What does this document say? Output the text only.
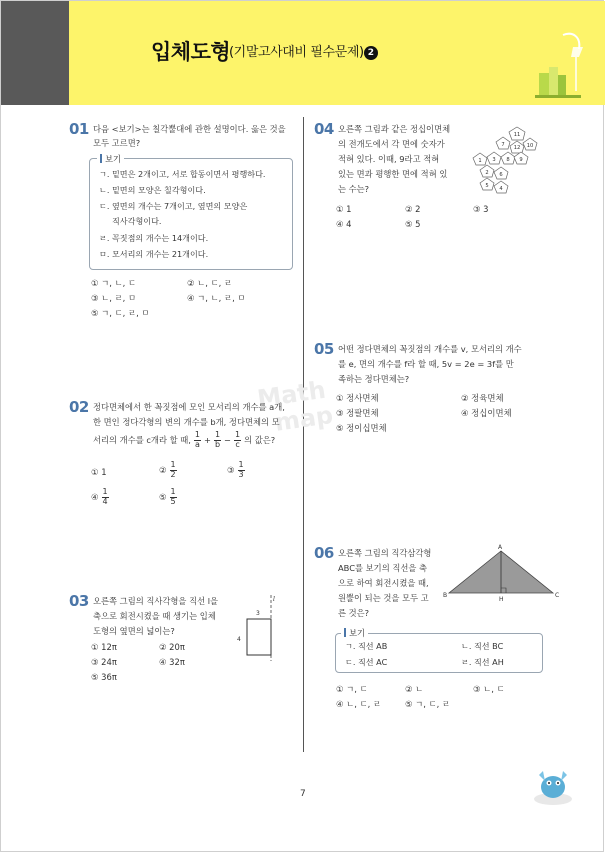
입체도형
(기말고사대비 필수문제) 2
Math
map
01 다음 <보기>는 칠각뿔대에 관한 설명이다. 옳은 것을
모두 고르면?
보기
ㄱ. 밑면은 2개이고, 서로 합동이면서 평행하다.
ㄴ. 밑면의 모양은 칠각형이다.
ㄷ. 옆면의 개수는 7개이고, 옆면의 모양은
직사각형이다.
ㄹ. 꼭짓점의 개수는 14개이다.
ㅁ. 모서리의 개수는 21개이다.
① ㄱ, ㄴ, ㄷ	② ㄴ, ㄷ, ㄹ
③ ㄴ, ㄹ, ㅁ	④ ㄱ, ㄴ, ㄹ, ㅁ
⑤ ㄱ, ㄷ, ㄹ, ㅁ
02 정다면체에서 한 꼭짓점에 모인 모서리의 개수를 a개,
한 면인 정다각형의 변의 개수를 b개, 정다면체의 모
서리의 개수를 c개라 할 때, $\frac{1}{a} + \frac{1}{b} - \frac{1}{c}$ 의 값은?
① 1	② $\frac{1}{2}$	③ $\frac{1}{3}$
④ $\frac{1}{4}$	⑤ $\frac{1}{5}$
03 오른쪽 그림의 직사각형을 직선 l을
축으로 회전시켰을 때 생기는 입체
도형의 옆면의 넓이는?
3
4
l
① 12π	② 20π
③ 24π	④ 32π
⑤ 36π
04 오른쪽 그림과 같은 정십이면체
의 전개도에서 각 면에 숫자가
적혀 있다. 이때, 9라고 적혀
있는 면과 평행한 면에 적혀 있
는 수는?
11
7 12 10
1 3 8 9
2 6
5 4
① 1	② 2	③ 3
④ 4	⑤ 5
05 어떤 정다면체의 꼭짓점의 개수를 v, 모서리의 개수
를 e, 면의 개수를 f라 할 때, 5v = 2e = 3f를 만
족하는 정다면체는?
① 정사면체	② 정육면체
③ 정팔면체	④ 정십이면체
⑤ 정이십면체
06 오른쪽 그림의 직각삼각형
ABC를 보기의 직선을 축
으로 하여 회전시켰을 때,
원뿔이 되는 것을 모두 고
른 것은?
A
B	C
H
보기
ㄱ. 직선 AB	ㄴ. 직선 BC
ㄷ. 직선 AC	ㄹ. 직선 AH
① ㄱ, ㄷ	② ㄴ	③ ㄴ, ㄷ
④ ㄴ, ㄷ, ㄹ	⑤ ㄱ, ㄷ, ㄹ
7
